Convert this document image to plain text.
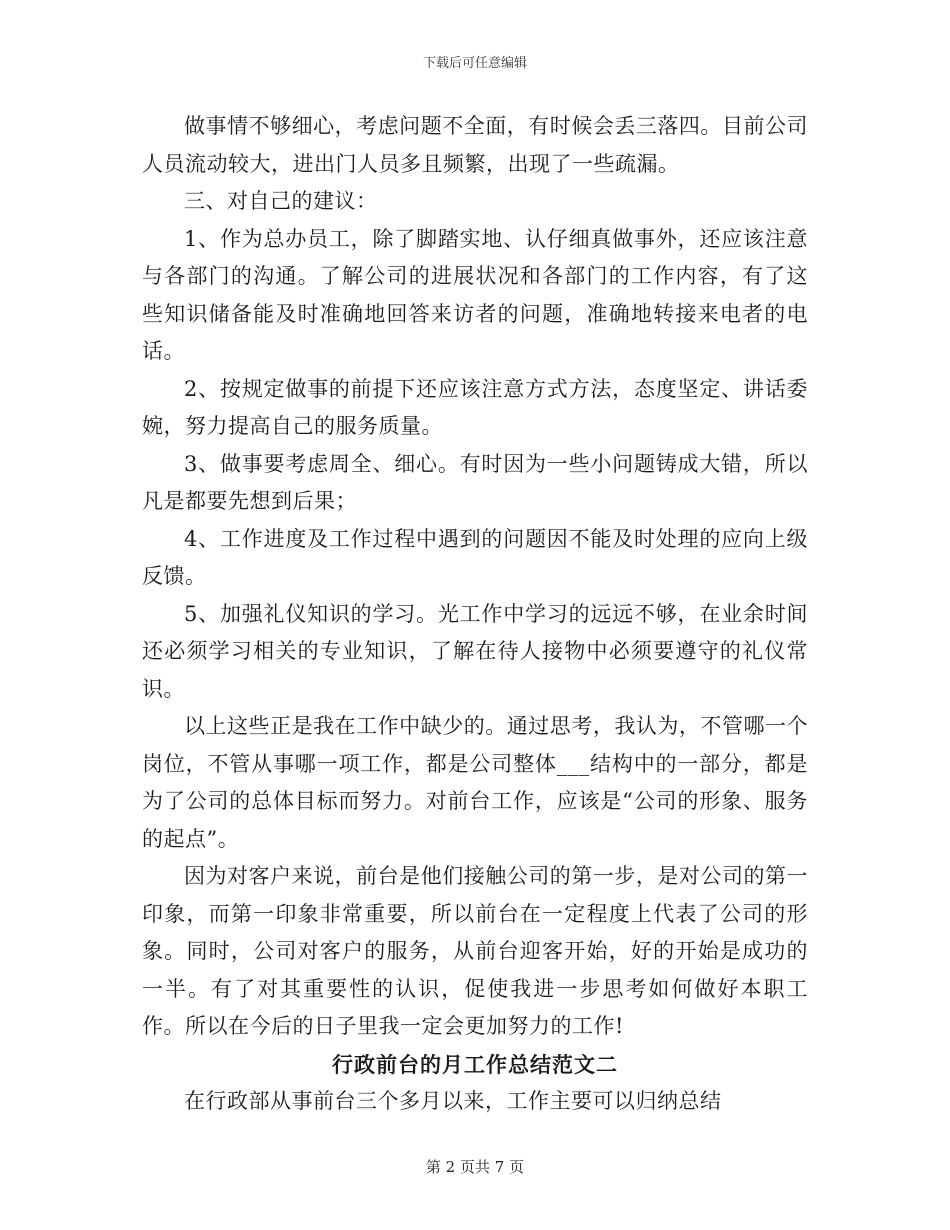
下载后可任意编辑

做事情不够细心，考虑问题不全面，有时候会丢三落四。目前公司人员流动较大，进出门人员多且频繁，出现了一些疏漏。

三、对自己的建议：

1、作为总办员工，除了脚踏实地、认仔细真做事外，还应该注意与各部门的沟通。了解公司的进展状况和各部门的工作内容，有了这些知识储备能及时准确地回答来访者的问题，准确地转接来电者的电话。

2、按规定做事的前提下还应该注意方式方法，态度坚定、讲话委婉，努力提高自己的服务质量。

3、做事要考虑周全、细心。有时因为一些小问题铸成大错，所以凡是都要先想到后果；

4、工作进度及工作过程中遇到的问题因不能及时处理的应向上级反馈。

5、加强礼仪知识的学习。光工作中学习的远远不够，在业余时间还必须学习相关的专业知识，了解在待人接物中必须要遵守的礼仪常识。

以上这些正是我在工作中缺少的。通过思考，我认为，不管哪一个岗位，不管从事哪一项工作，都是公司整体___结构中的一部分，都是为了公司的总体目标而努力。对前台工作，应该是“公司的形象、服务的起点”。

因为对客户来说，前台是他们接触公司的第一步，是对公司的第一印象，而第一印象非常重要，所以前台在一定程度上代表了公司的形象。同时，公司对客户的服务，从前台迎客开始，好的开始是成功的一半。有了对其重要性的认识，促使我进一步思考如何做好本职工作。所以在今后的日子里我一定会更加努力的工作!

行政前台的月工作总结范文二

在行政部从事前台三个多月以来，工作主要可以归纳总结

第 2 页共 7 页
